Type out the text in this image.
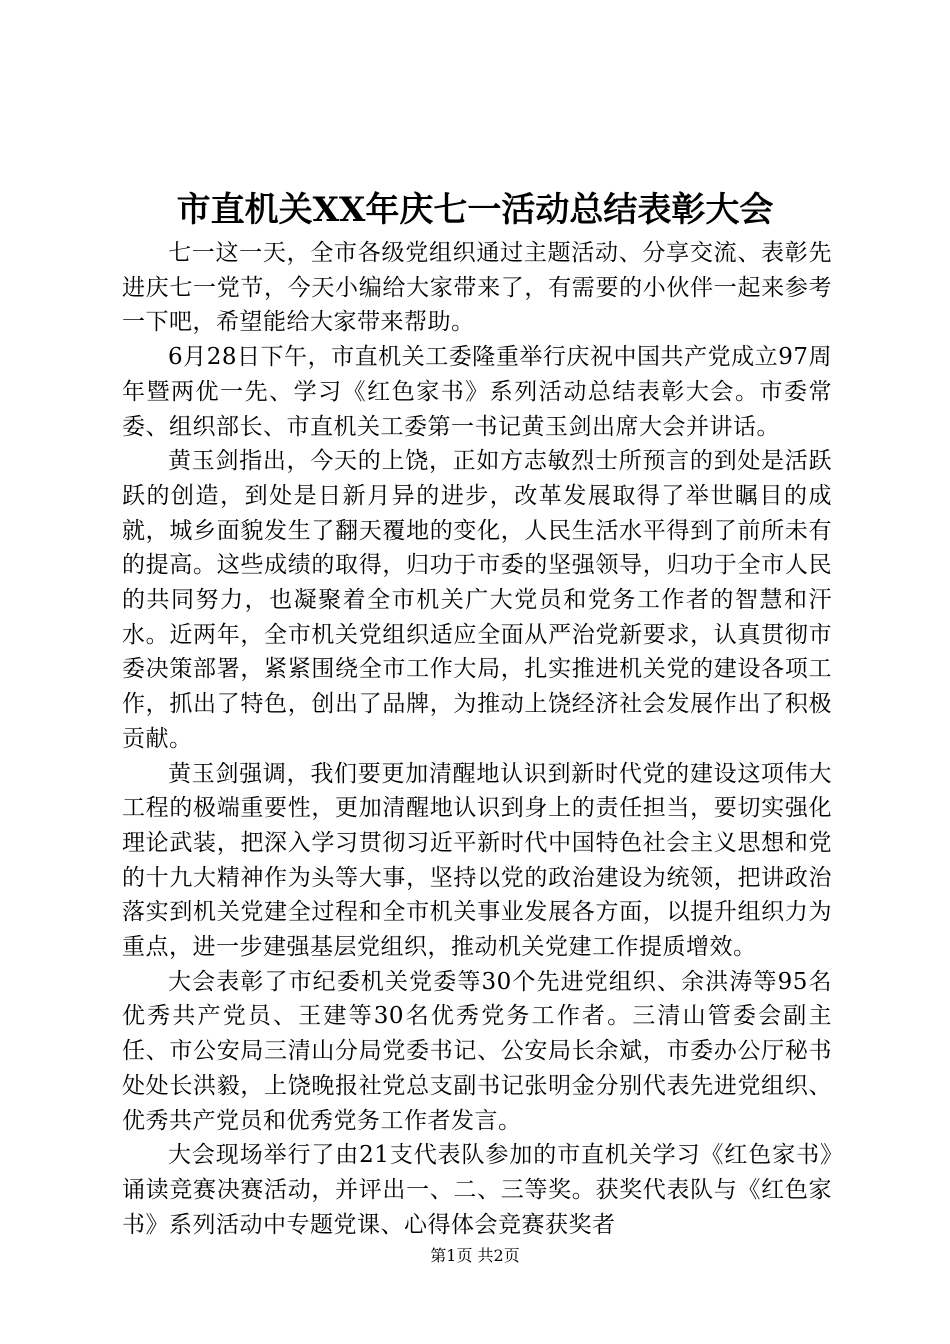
市直机关XX年庆七一活动总结表彰大会

七一这一天，全市各级党组织通过主题活动、分享交流、表彰先进庆七一党节，今天小编给大家带来了，有需要的小伙伴一起来参考一下吧，希望能给大家带来帮助。

6月28日下午，市直机关工委隆重举行庆祝中国共产党成立97周年暨两优一先、学习《红色家书》系列活动总结表彰大会。市委常委、组织部长、市直机关工委第一书记黄玉剑出席大会并讲话。

黄玉剑指出，今天的上饶，正如方志敏烈士所预言的到处是活跃跃的创造，到处是日新月异的进步，改革发展取得了举世瞩目的成就，城乡面貌发生了翻天覆地的变化，人民生活水平得到了前所未有的提高。这些成绩的取得，归功于市委的坚强领导，归功于全市人民的共同努力，也凝聚着全市机关广大党员和党务工作者的智慧和汗水。近两年，全市机关党组织适应全面从严治党新要求，认真贯彻市委决策部署，紧紧围绕全市工作大局，扎实推进机关党的建设各项工作，抓出了特色，创出了品牌，为推动上饶经济社会发展作出了积极贡献。

黄玉剑强调，我们要更加清醒地认识到新时代党的建设这项伟大工程的极端重要性，更加清醒地认识到身上的责任担当，要切实强化理论武装，把深入学习贯彻习近平新时代中国特色社会主义思想和党的十九大精神作为头等大事，坚持以党的政治建设为统领，把讲政治落实到机关党建全过程和全市机关事业发展各方面，以提升组织力为重点，进一步建强基层党组织，推动机关党建工作提质增效。

大会表彰了市纪委机关党委等30个先进党组织、余洪涛等95名优秀共产党员、王建等30名优秀党务工作者。三清山管委会副主任、市公安局三清山分局党委书记、公安局长余斌，市委办公厅秘书处处长洪毅，上饶晚报社党总支副书记张明金分别代表先进党组织、优秀共产党员和优秀党务工作者发言。

大会现场举行了由21支代表队参加的市直机关学习《红色家书》诵读竞赛决赛活动，并评出一、二、三等奖。获奖代表队与《红色家书》系列活动中专题党课、心得体会竞赛获奖者

第1页 共2页
